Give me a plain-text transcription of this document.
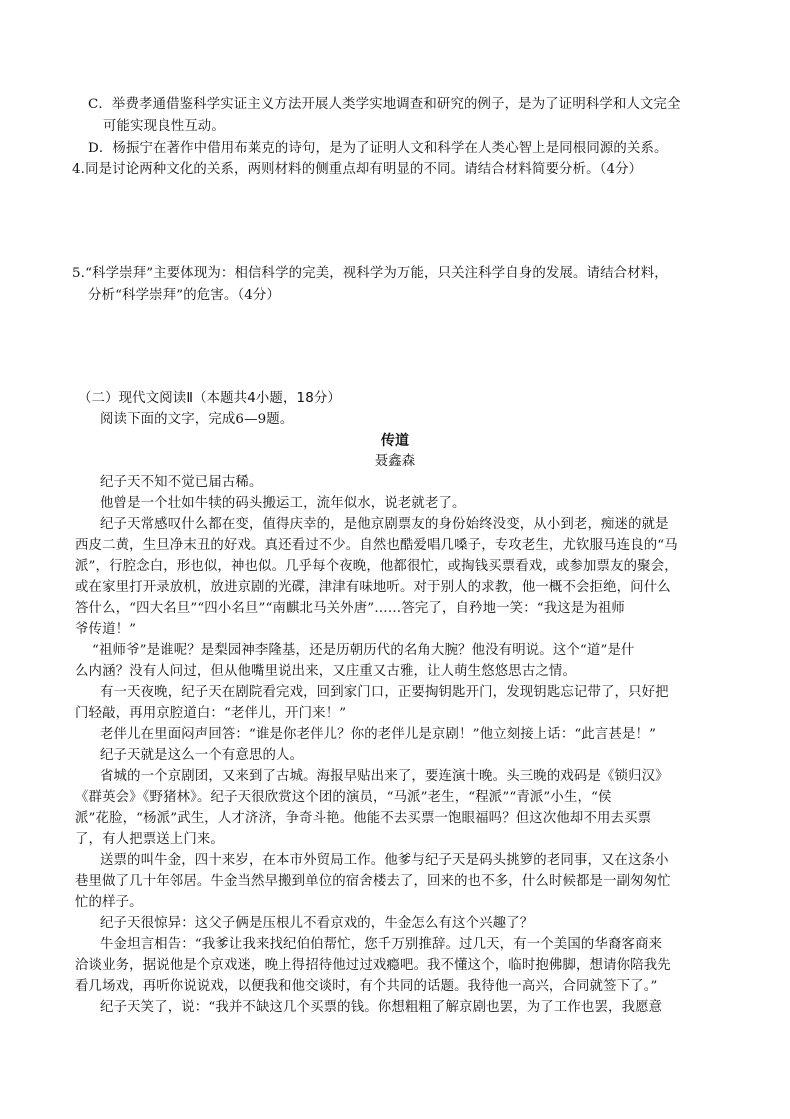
C．举费孝通借鉴科学实证主义方法开展人类学实地调查和研究的例子，是为了证明科学和人文完全
可能实现良性互动。
D．杨振宁在著作中借用布莱克的诗句，是为了证明人文和科学在人类心智上是同根同源的关系。
4.同是讨论两种文化的关系，两则材料的侧重点却有明显的不同。请结合材料简要分析。（4分）
5.“科学崇拜”主要体现为：相信科学的完美，视科学为万能，只关注科学自身的发展。请结合材料，
分析“科学崇拜”的危害。（4分）
（二）现代文阅读Ⅱ（本题共4小题，18分）
阅读下面的文字，完成6—9题。
传道
聂鑫森
纪子天不知不觉已届古稀。
他曾是一个壮如牛犊的码头搬运工，流年似水，说老就老了。
纪子天常感叹什么都在变，值得庆幸的，是他京剧票友的身份始终没变，从小到老，痴迷的就是
西皮二黄，生旦净末丑的好戏。真还看过不少。自然也酷爱唱几嗓子，专攻老生，尤钦服马连良的“马
派”，行腔念白，形也似，神也似。几乎每个夜晚，他都很忙，或掏钱买票看戏，或参加票友的聚会，
或在家里打开录放机，放进京剧的光碟，津津有味地听。对于别人的求教，他一概不会拒绝，问什么
答什么，“四大名旦”“四小名旦”“南麒北马关外唐”……答完了，自矜地一笑：“我这是为祖师
爷传道！”
“祖师爷”是谁呢？是梨园神李隆基，还是历朝历代的名角大腕？他没有明说。这个“道”是什
么内涵？没有人问过，但从他嘴里说出来，又庄重又古雅，让人萌生悠悠思古之情。
有一天夜晚，纪子天在剧院看完戏，回到家门口，正要掏钥匙开门，发现钥匙忘记带了，只好把
门轻敲，再用京腔道白：“老伴儿，开门来！”
老伴儿在里面闷声回答：“谁是你老伴儿？你的老伴儿是京剧！”他立刻接上话：“此言甚是！”
纪子天就是这么一个有意思的人。
省城的一个京剧团，又来到了古城。海报早贴出来了，要连演十晚。头三晚的戏码是《锁归汉》
《群英会》《野猪林》。纪子天很欣赏这个团的演员，“马派”老生，“程派”“青派”小生，“侯
派”花脸，“杨派”武生，人才济济，争奇斗艳。他能不去买票一饱眼福吗？但这次他却不用去买票
了，有人把票送上门来。
送票的叫牛金，四十来岁，在本市外贸局工作。他爹与纪子天是码头挑箩的老同事，又在这条小
巷里做了几十年邻居。牛金当然早搬到单位的宿舍楼去了，回来的也不多，什么时候都是一副匆匆忙
忙的样子。
纪子天很惊异：这父子俩是压根儿不看京戏的，牛金怎么有这个兴趣了？
牛金坦言相告：“我爹让我来找纪伯伯帮忙，您千万别推辞。过几天，有一个美国的华裔客商来
洽谈业务，据说他是个京戏迷，晚上得招待他过过戏瘾吧。我不懂这个，临时抱佛脚，想请你陪我先
看几场戏，再听你说说戏，以便我和他交谈时，有个共同的话题。我待他一高兴，合同就签下了。”
纪子天笑了，说：“我并不缺这几个买票的钱。你想粗粗了解京剧也罢，为了工作也罢，我愿意
